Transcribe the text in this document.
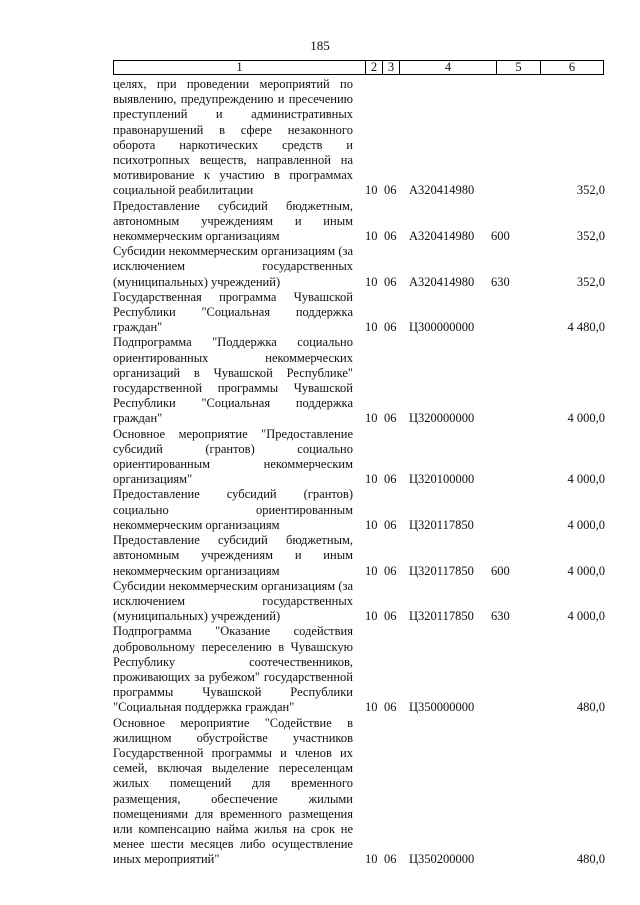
185
1	2	3	4	5	6
целях, при проведении мероприятий по выявлению, предупреждению и пресечению преступлений и административных правонарушений в сфере незаконного оборота наркотических средств и психотропных веществ, направленной на мотивирование к участию в программах социальной реабилитации	10 06 А320414980	352,0
Предоставление субсидий бюджетным, автономным учреждениям и иным некоммерческим организациям	10 06 А320414980 600	352,0
Субсидии некоммерческим организациям (за исключением государственных (муниципальных) учреждений)	10 06 А320414980 630	352,0
Государственная программа Чувашской Республики "Социальная поддержка граждан"	10 06 Ц300000000	4 480,0
Подпрограмма "Поддержка социально ориентированных некоммерческих организаций в Чувашской Республике" государственной программы Чувашской Республики "Социальная поддержка граждан"	10 06 Ц320000000	4 000,0
Основное мероприятие "Предоставление субсидий (грантов) социально ориентированным некоммерческим организациям"	10 06 Ц320100000	4 000,0
Предоставление субсидий (грантов) социально ориентированным некоммерческим организациям	10 06 Ц320117850	4 000,0
Предоставление субсидий бюджетным, автономным учреждениям и иным некоммерческим организациям	10 06 Ц320117850 600	4 000,0
Субсидии некоммерческим организациям (за исключением государственных (муниципальных) учреждений)	10 06 Ц320117850 630	4 000,0
Подпрограмма "Оказание содействия добровольному переселению в Чувашскую Республику соотечественников, проживающих за рубежом" государственной программы Чувашской Республики "Социальная поддержка граждан"	10 06 Ц350000000	480,0
Основное мероприятие "Содействие в жилищном обустройстве участников Государственной программы и членов их семей, включая выделение переселенцам жилых помещений для временного размещения, обеспечение жилыми помещениями для временного размещения или компенсацию найма жилья на срок не менее шести месяцев либо осуществление иных мероприятий"	10 06 Ц350200000	480,0
